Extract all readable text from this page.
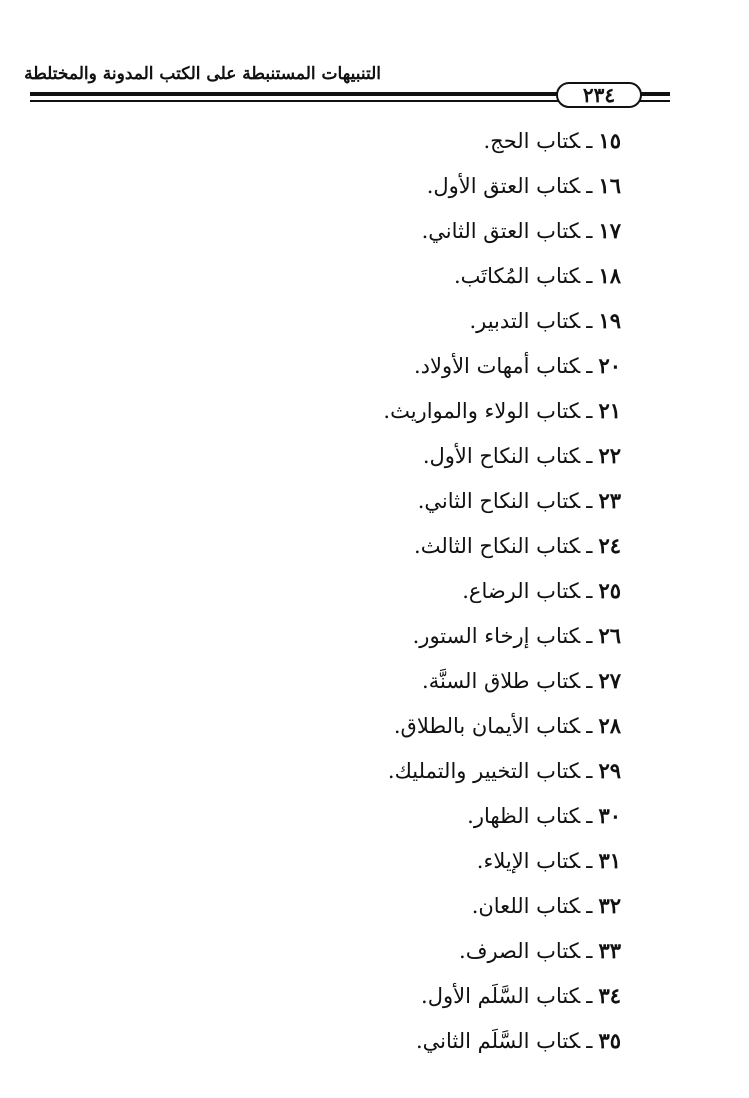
التنبيهات المستنبطة على الكتب المدونة والمختلطة
٢٣٤
١٥ـكتاب الحج.
١٦ـكتاب العتق الأول.
١٧ـكتاب العتق الثاني.
١٨ـكتاب المُكاتَب.
١٩ـكتاب التدبير.
٢٠ـكتاب أمهات الأولاد.
٢١ـكتاب الولاء والمواريث.
٢٢ـكتاب النكاح الأول.
٢٣ـكتاب النكاح الثاني.
٢٤ـكتاب النكاح الثالث.
٢٥ـكتاب الرضاع.
٢٦ـكتاب إرخاء الستور.
٢٧ـكتاب طلاق السنَّة.
٢٨ـكتاب الأيمان بالطلاق.
٢٩ـكتاب التخيير والتمليك.
٣٠ـكتاب الظهار.
٣١ـكتاب الإيلاء.
٣٢ـكتاب اللعان.
٣٣ـكتاب الصرف.
٣٤ـكتاب السَّلَم الأول.
٣٥ـكتاب السَّلَم الثاني.
